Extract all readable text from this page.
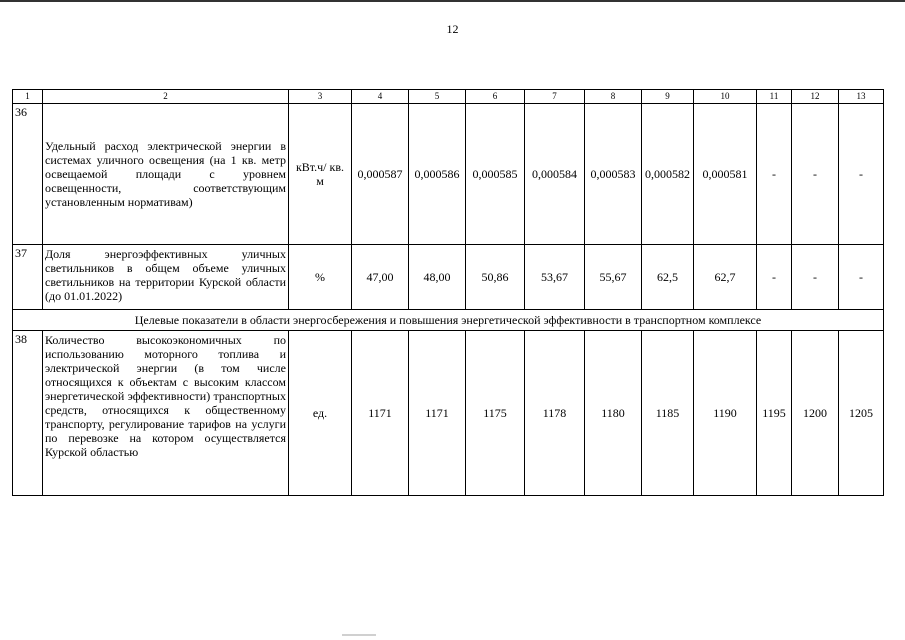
12
1	2	3	4	5	6	7	8	9	10	11	12	13
36	Удельный расход электрической энергии в системах уличного освещения (на 1 кв. метр освещаемой площади с уровнем освещенности, соответствующим установленным нормативам)	кВт.ч/ кв. м	0,000587	0,000586	0,000585	0,000584	0,000583	0,000582	0,000581	-	-	-
37	Доля энергоэффективных уличных светильников в общем объеме уличных светильников на территории Курской области (до 01.01.2022)	%	47,00	48,00	50,86	53,67	55,67	62,5	62,7	-	-	-
Целевые показатели в области энергосбережения и повышения энергетической эффективности в транспортном комплексе												
38	Количество высокоэкономичных по использованию моторного топлива и электрической энергии (в том числе относящихся к объектам с высоким классом энергетической эффективности) транспортных средств, относящихся к общественному транспорту, регулирование тарифов на услуги по перевозке на котором осуществляется Курской областью	ед.	1171	1171	1175	1178	1180	1185	1190	1195	1200	1205
